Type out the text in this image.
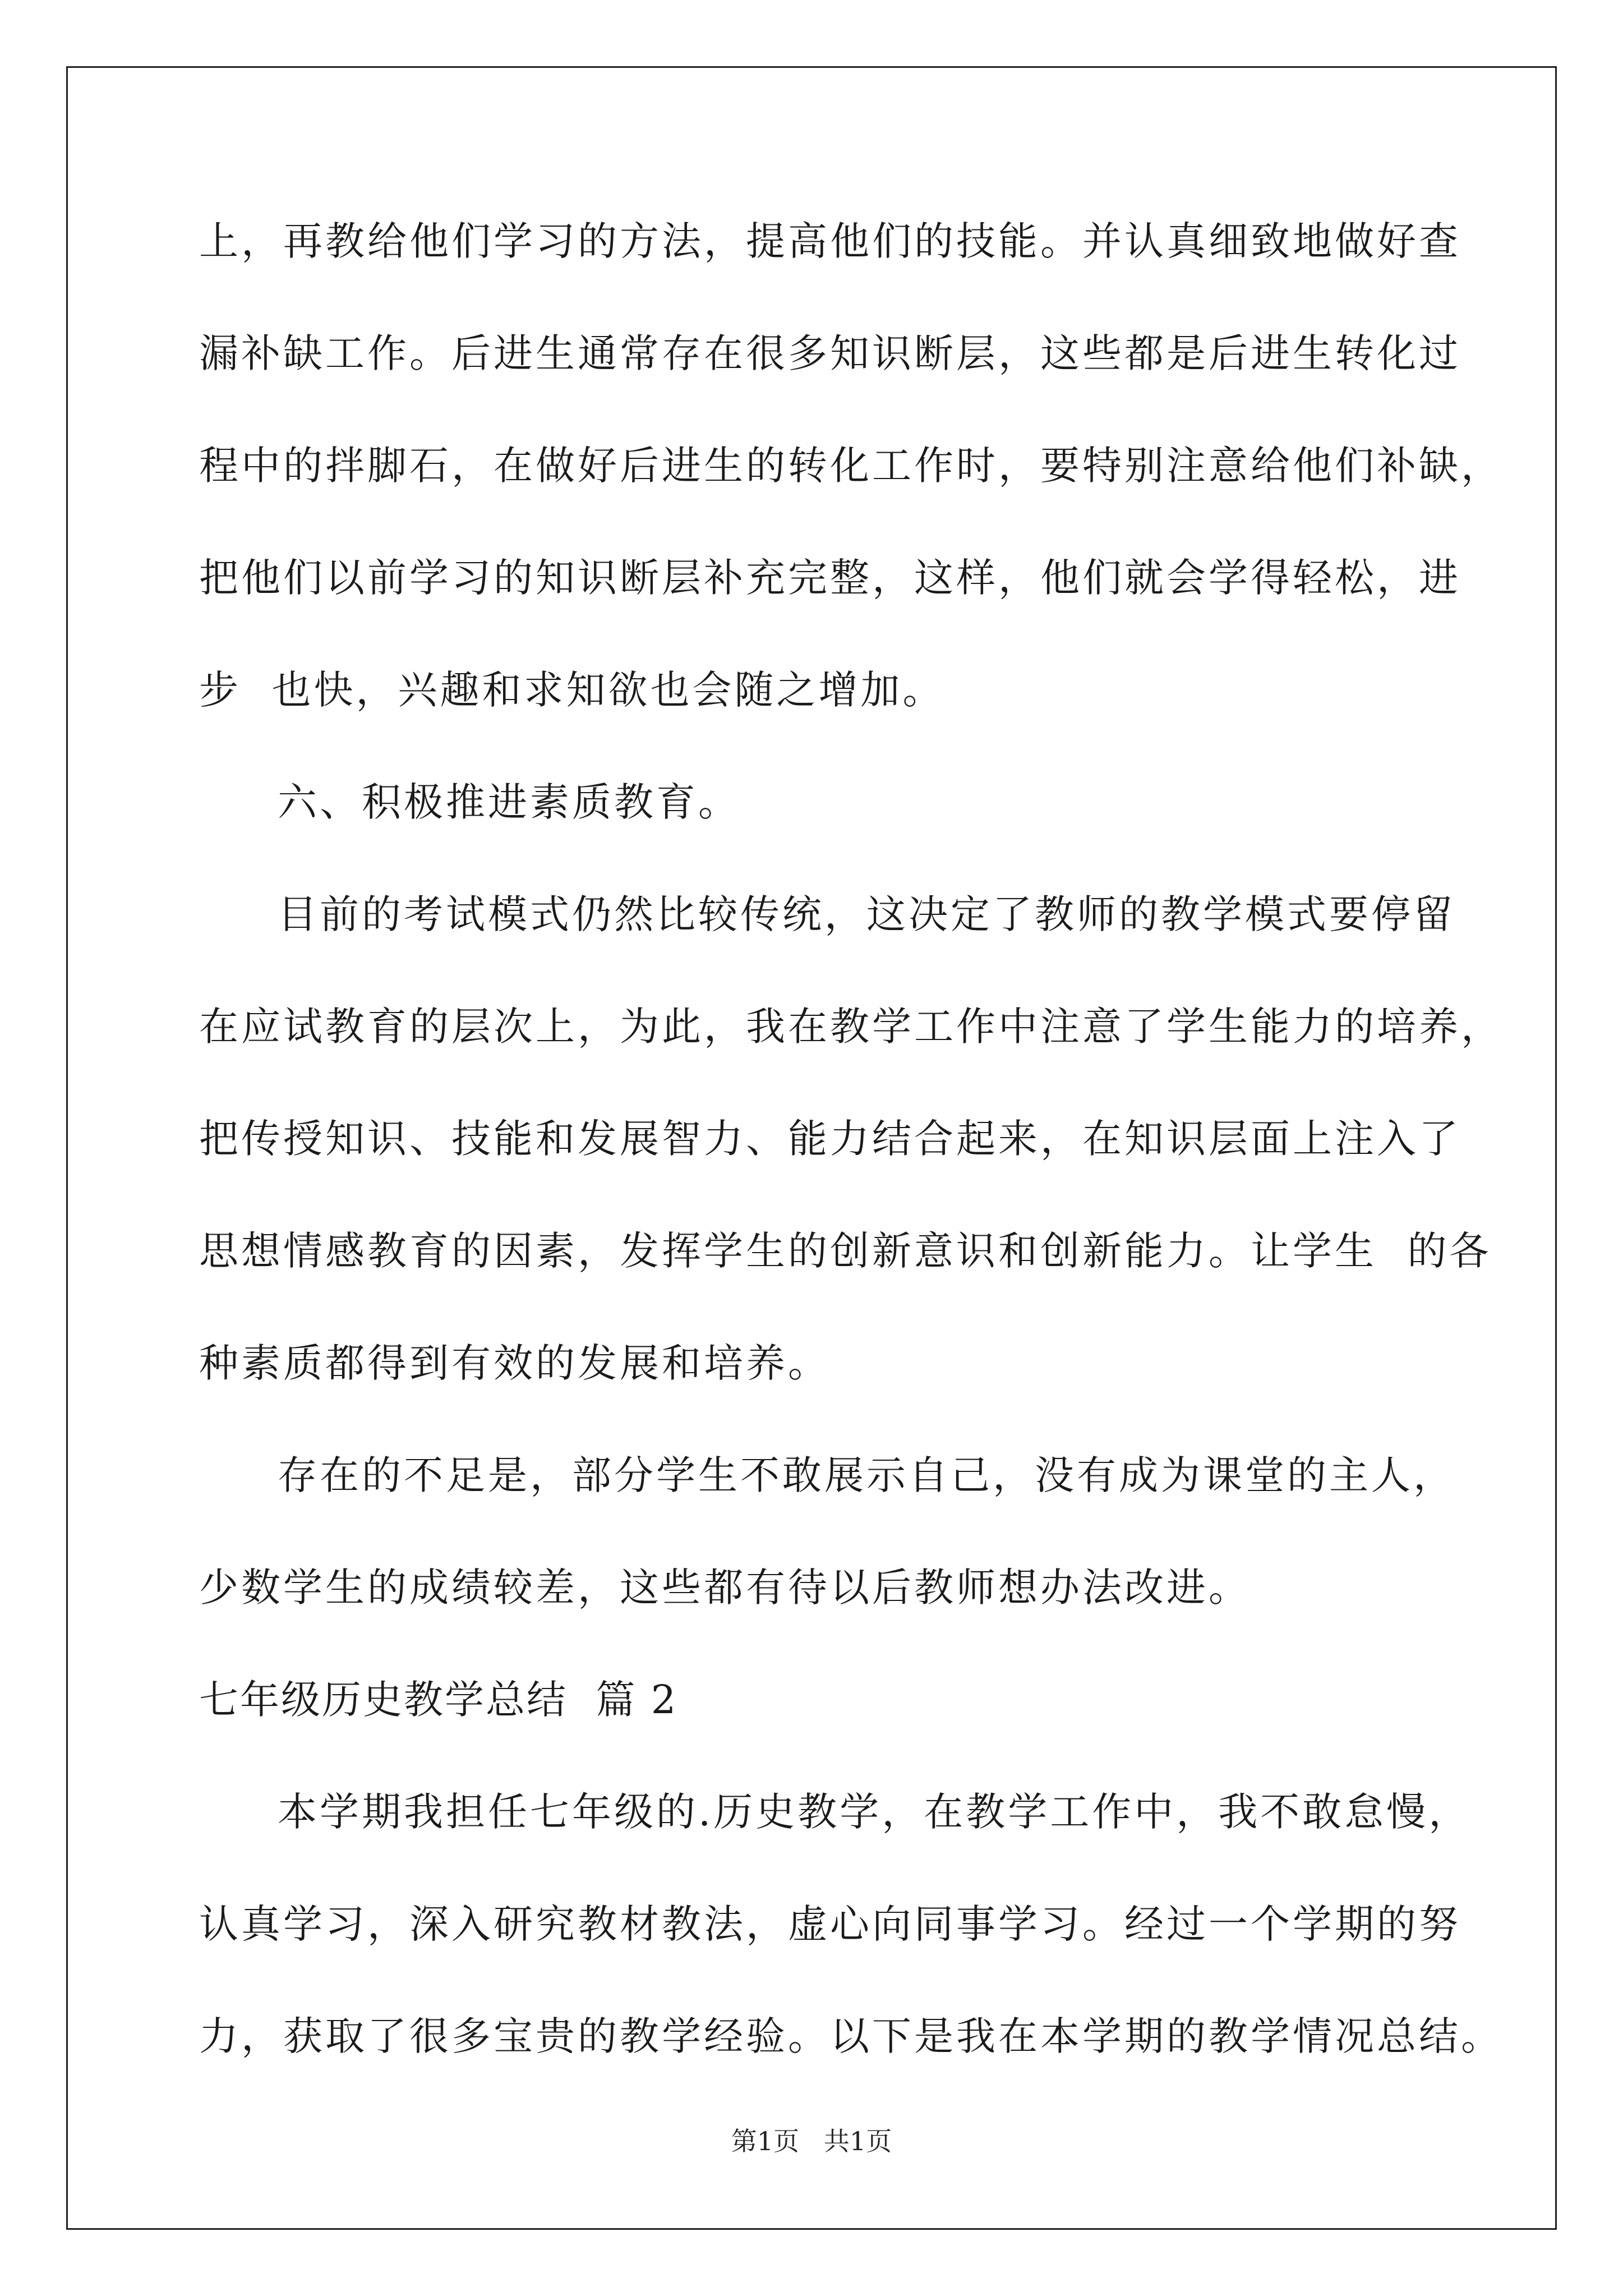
上，再教给他们学习的方法，提高他们的技能。并认真细致地做好查
漏补缺工作。后进生通常存在很多知识断层，这些都是后进生转化过
程中的拌脚石，在做好后进生的转化工作时，要特别注意给他们补缺，
把他们以前学习的知识断层补充完整，这样，他们就会学得轻松，进
步  也快，兴趣和求知欲也会随之增加。
六、积极推进素质教育。
目前的考试模式仍然比较传统，这决定了教师的教学模式要停留
在应试教育的层次上，为此，我在教学工作中注意了学生能力的培养，
把传授知识、技能和发展智力、能力结合起来，在知识层面上注入了
思想情感教育的因素，发挥学生的创新意识和创新能力。让学生  的各
种素质都得到有效的发展和培养。
存在的不足是，部分学生不敢展示自己，没有成为课堂的主人，
少数学生的成绩较差，这些都有待以后教师想办法改进。
七年级历史教学总结  篇 2
本学期我担任七年级的.历史教学，在教学工作中，我不敢怠慢，
认真学习，深入研究教材教法，虚心向同事学习。经过一个学期的努
力，获取了很多宝贵的教学经验。以下是我在本学期的教学情况总结。
第1页   共1页
